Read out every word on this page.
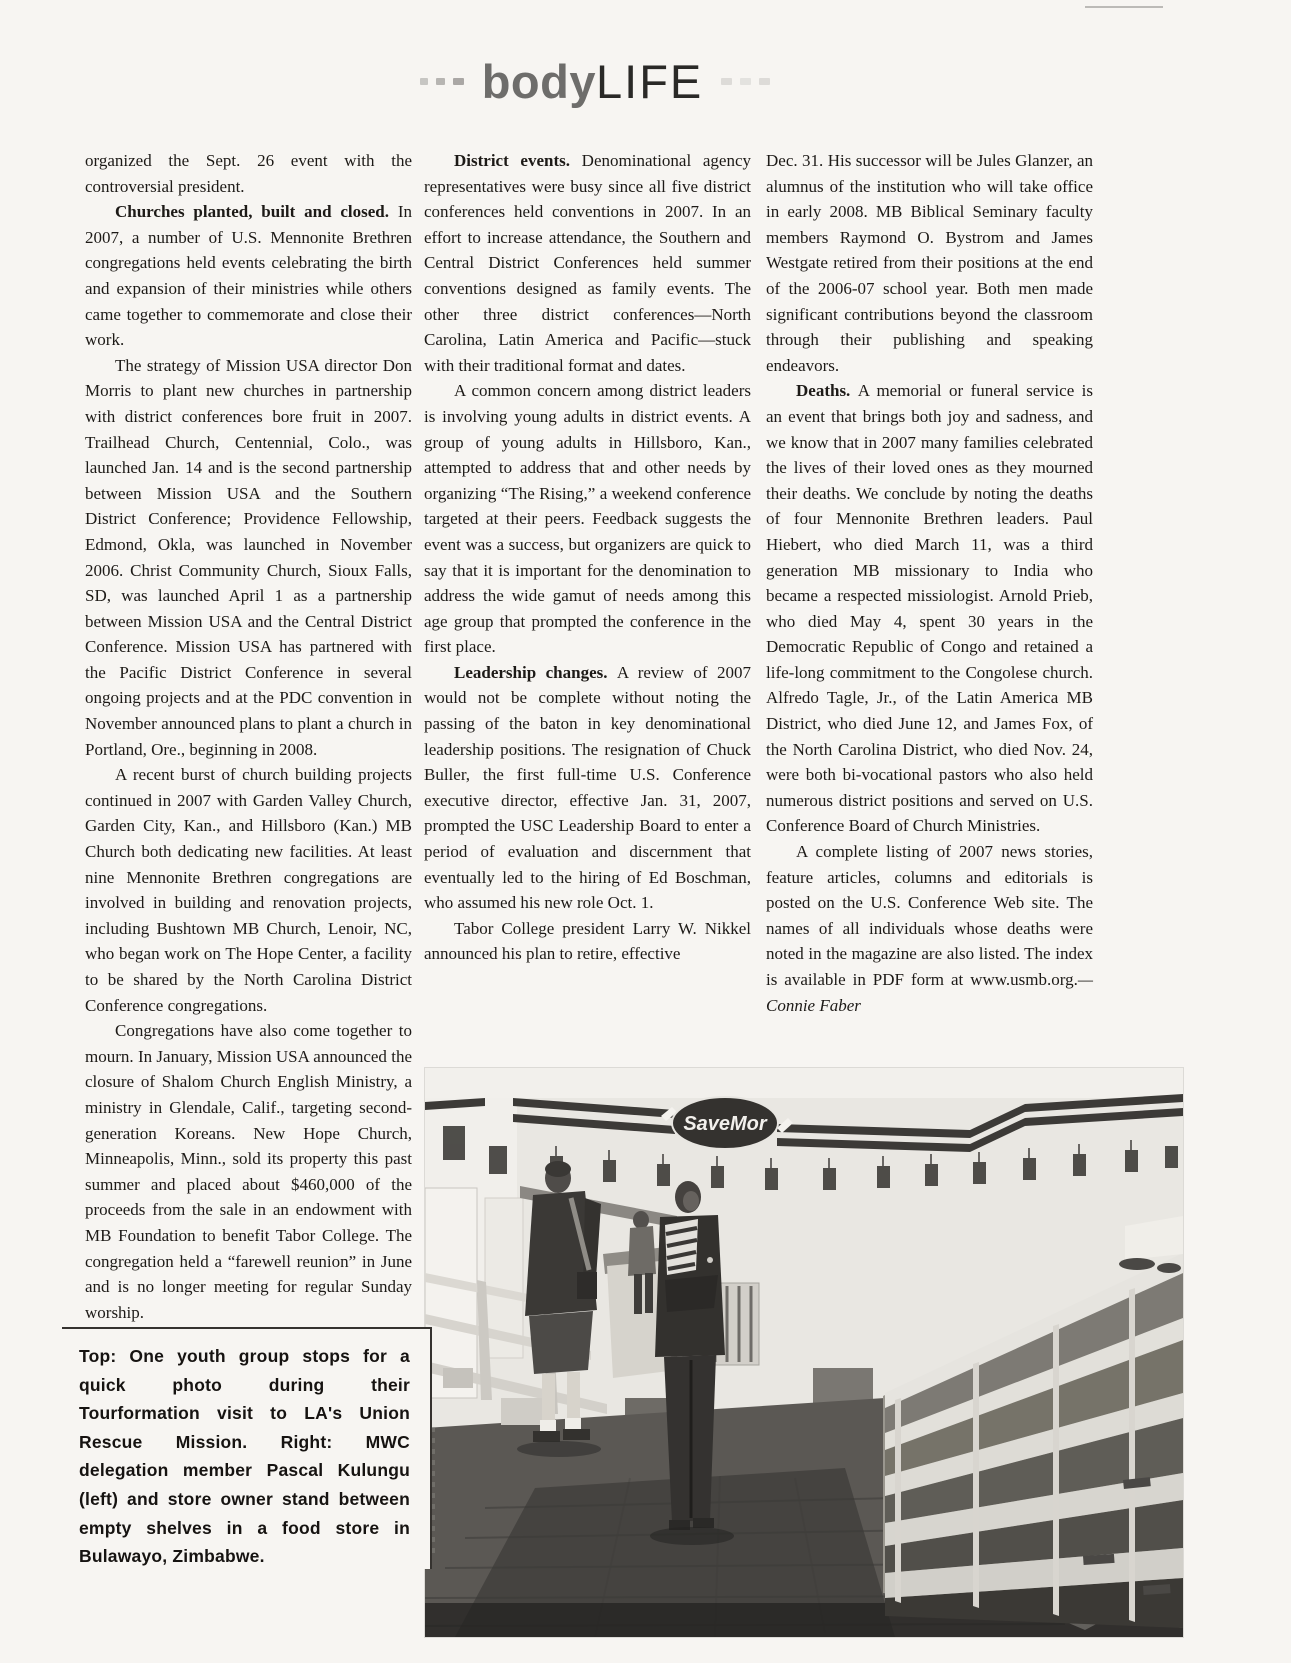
bodyLIFE

organized the Sept. 26 event with the controversial president.

Churches planted, built and closed. In 2007, a number of U.S. Mennonite Brethren congregations held events celebrating the birth and expansion of their ministries while others came together to commemorate and close their work.

The strategy of Mission USA director Don Morris to plant new churches in partnership with district conferences bore fruit in 2007. Trailhead Church, Centennial, Colo., was launched Jan. 14 and is the second partnership between Mission USA and the Southern District Conference; Providence Fellowship, Edmond, Okla, was launched in November 2006. Christ Community Church, Sioux Falls, SD, was launched April 1 as a partnership between Mission USA and the Central District Conference. Mission USA has partnered with the Pacific District Conference in several ongoing projects and at the PDC convention in November announced plans to plant a church in Portland, Ore., beginning in 2008.

A recent burst of church building projects continued in 2007 with Garden Valley Church, Garden City, Kan., and Hillsboro (Kan.) MB Church both dedicating new facilities. At least nine Mennonite Brethren congregations are involved in building and renovation projects, including Bushtown MB Church, Lenoir, NC, who began work on The Hope Center, a facility to be shared by the North Carolina District Conference congregations.

Congregations have also come together to mourn. In January, Mission USA announced the closure of Shalom Church English Ministry, a ministry in Glendale, Calif., targeting second-generation Koreans. New Hope Church, Minneapolis, Minn., sold its property this past summer and placed about $460,000 of the proceeds from the sale in an endowment with MB Foundation to benefit Tabor College. The congregation held a “farewell reunion” in June and is no longer meeting for regular Sunday worship.

District events. Denominational agency representatives were busy since all five district conferences held conventions in 2007. In an effort to increase attendance, the Southern and Central District Conferences held summer conventions designed as family events. The other three district conferences—North Carolina, Latin America and Pacific—stuck with their traditional format and dates.

A common concern among district leaders is involving young adults in district events. A group of young adults in Hillsboro, Kan., attempted to address that and other needs by organizing “The Rising,” a weekend conference targeted at their peers. Feedback suggests the event was a success, but organizers are quick to say that it is important for the denomination to address the wide gamut of needs among this age group that prompted the conference in the first place.

Leadership changes. A review of 2007 would not be complete without noting the passing of the baton in key denominational leadership positions. The resignation of Chuck Buller, the first full-time U.S. Conference executive director, effective Jan. 31, 2007, prompted the USC Leadership Board to enter a period of evaluation and discernment that eventually led to the hiring of Ed Boschman, who assumed his new role Oct. 1.

Tabor College president Larry W. Nikkel announced his plan to retire, effective

Dec. 31. His successor will be Jules Glanzer, an alumnus of the institution who will take office in early 2008. MB Biblical Seminary faculty members Raymond O. Bystrom and James Westgate retired from their positions at the end of the 2006-07 school year. Both men made significant contributions beyond the classroom through their publishing and speaking endeavors.

Deaths. A memorial or funeral service is an event that brings both joy and sadness, and we know that in 2007 many families celebrated the lives of their loved ones as they mourned their deaths. We conclude by noting the deaths of four Mennonite Brethren leaders. Paul Hiebert, who died March 11, was a third generation MB missionary to India who became a respected missiologist. Arnold Prieb, who died May 4, spent 30 years in the Democratic Republic of Congo and retained a life-long commitment to the Congolese church. Alfredo Tagle, Jr., of the Latin America MB District, who died June 12, and James Fox, of the North Carolina District, who died Nov. 24, were both bi-vocational pastors who also held numerous district positions and served on U.S. Conference Board of Church Ministries.

A complete listing of 2007 news stories, feature articles, columns and editorials is posted on the U.S. Conference Web site. The names of all individuals whose deaths were noted in the magazine are also listed. The index is available in PDF form at www.usmb.org.—Connie Faber

Top: One youth group stops for a quick photo during their Tourformation visit to LA's Union Rescue Mission. Right: MWC delegation member Pascal Kulungu (left) and store owner stand between empty shelves in a food store in Bulawayo, Zimbabwe.

SaveMor
